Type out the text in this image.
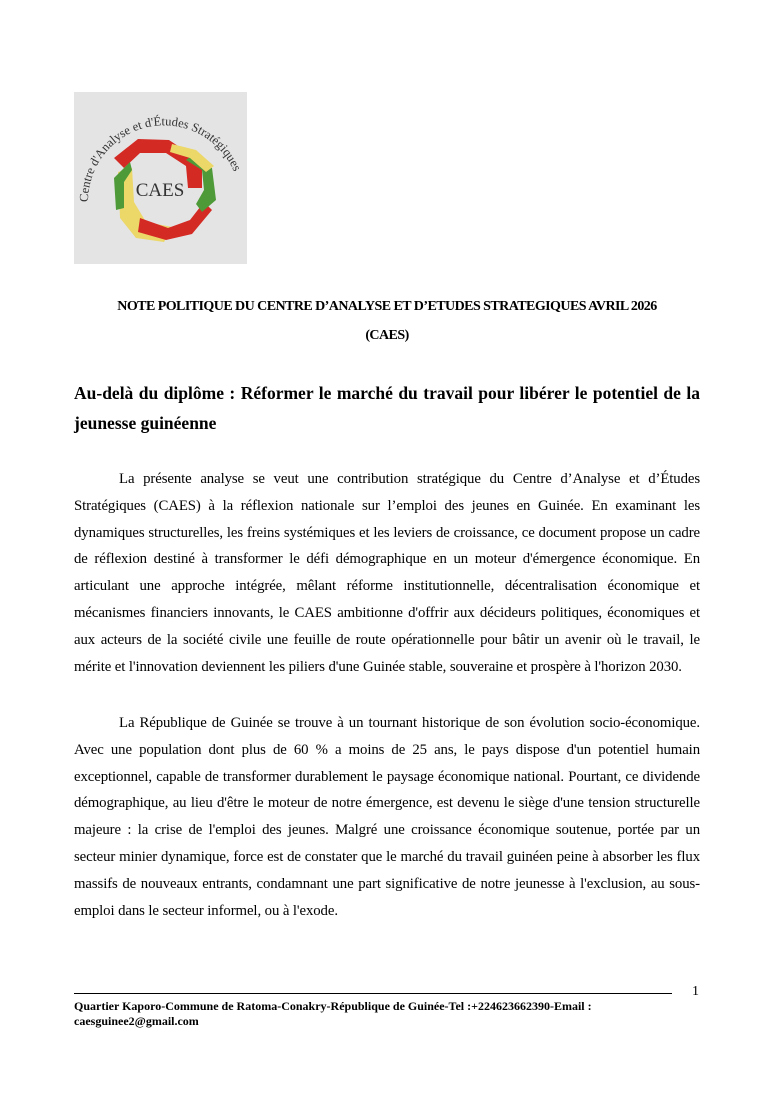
CAES
Centre d'Analyse et d'Études Stratégiques
NOTE POLITIQUE DU CENTRE D’ANALYSE ET D’ETUDES STRATEGIQUES AVRIL 2026
(CAES)
Au-delà du diplôme : Réformer le marché du travail pour libérer le potentiel de la jeunesse guinéenne
La présente analyse se veut une contribution stratégique du Centre d’Analyse et d’Études Stratégiques (CAES) à la réflexion nationale sur l’emploi des jeunes en Guinée. En examinant les dynamiques structurelles, les freins systémiques et les leviers de croissance, ce document propose un cadre de réflexion destiné à transformer le défi démographique en un moteur d'émergence économique. En articulant une approche intégrée, mêlant réforme institutionnelle, décentralisation économique et mécanismes financiers innovants, le CAES ambitionne d'offrir aux décideurs politiques, économiques et aux acteurs de la société civile une feuille de route opérationnelle pour bâtir un avenir où le travail, le mérite et l'innovation deviennent les piliers d'une Guinée stable, souveraine et prospère à l'horizon 2030.
La République de Guinée se trouve à un tournant historique de son évolution socio-économique. Avec une population dont plus de 60 % a moins de 25 ans, le pays dispose d'un potentiel humain exceptionnel, capable de transformer durablement le paysage économique national. Pourtant, ce dividende démographique, au lieu d'être le moteur de notre émergence, est devenu le siège d'une tension structurelle majeure : la crise de l'emploi des jeunes. Malgré une croissance économique soutenue, portée par un secteur minier dynamique, force est de constater que le marché du travail guinéen peine à absorber les flux massifs de nouveaux entrants, condamnant une part significative de notre jeunesse à l'exclusion, au sous-emploi dans le secteur informel, ou à l'exode.
1
Quartier Kaporo-Commune de Ratoma-Conakry-République de Guinée-Tel :+224623662390-Email :
caesguinee2@gmail.com
